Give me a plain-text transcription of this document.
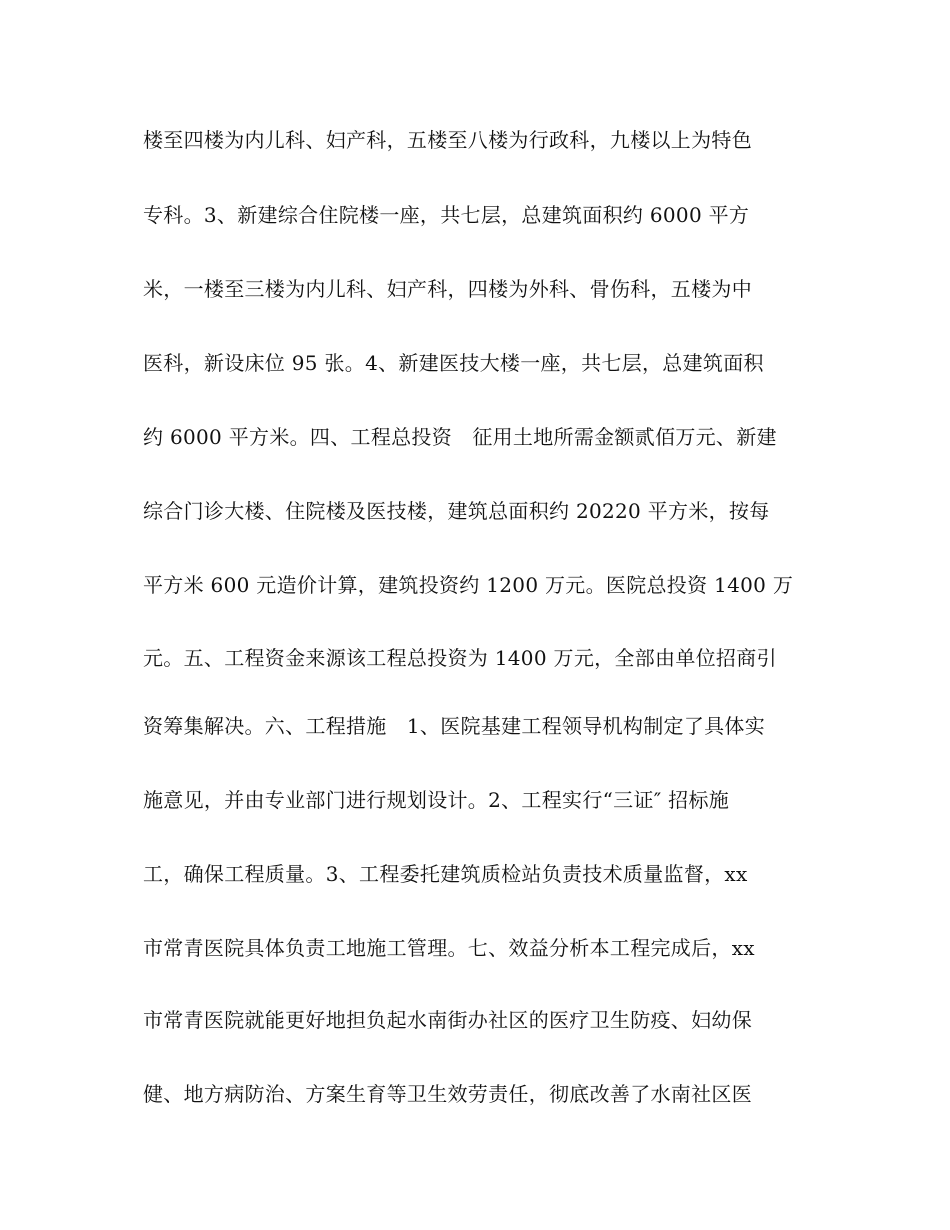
楼至四楼为内儿科、妇产科，五楼至八楼为行政科，九楼以上为特色
专科。3、新建综合住院楼一座，共七层，总建筑面积约 6000 平方
米，一楼至三楼为内儿科、妇产科，四楼为外科、骨伤科，五楼为中
医科，新设床位 95 张。4、新建医技大楼一座，共七层，总建筑面积
约 6000 平方米。四、工程总投资　征用土地所需金额贰佰万元、新建
综合门诊大楼、住院楼及医技楼，建筑总面积约 20220 平方米，按每
平方米 600 元造价计算，建筑投资约 1200 万元。医院总投资 1400 万
元。五、工程资金来源该工程总投资为 1400 万元，全部由单位招商引
资筹集解决。六、工程措施　1、医院基建工程领导机构制定了具体实
施意见，并由专业部门进行规划设计。2、工程实行“三证″ 招标施
工，确保工程质量。3、工程委托建筑质检站负责技术质量监督，xx
市常青医院具体负责工地施工管理。七、效益分析本工程完成后，xx
市常青医院就能更好地担负起水南街办社区的医疗卫生防疫、妇幼保
健、地方病防治、方案生育等卫生效劳责任，彻底改善了水南社区医
